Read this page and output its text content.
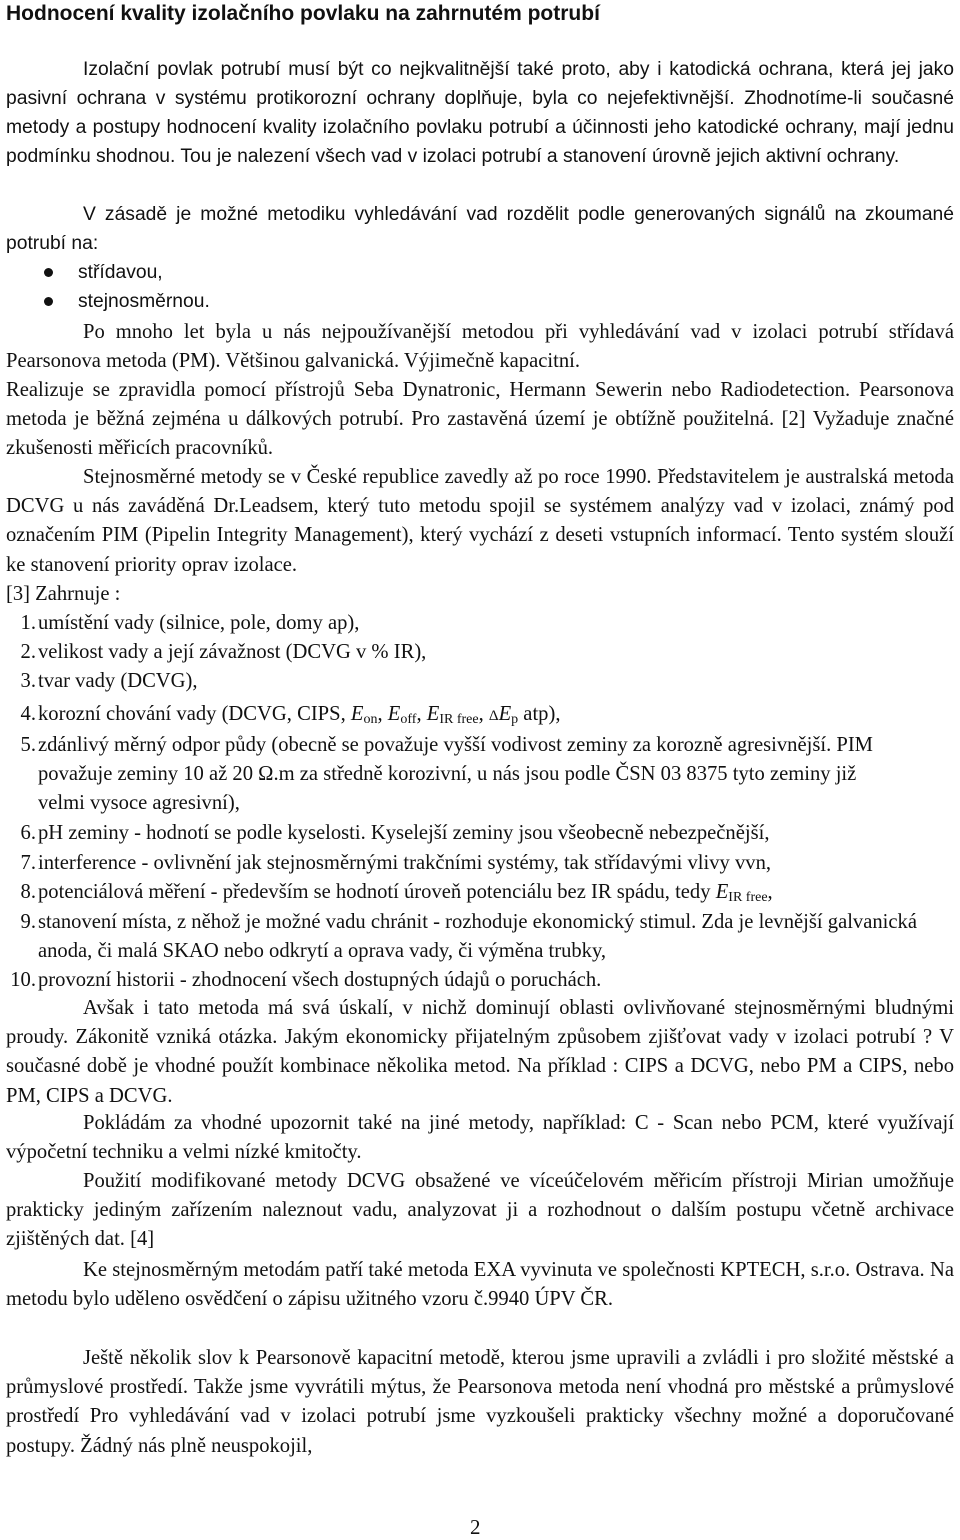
Hodnocení kvality izolačního povlaku na zahrnutém potrubí

Izolační povlak potrubí musí být co nejkvalitnější také proto, aby i katodická ochrana, která jej jako pasivní ochrana v systému protikorozní ochrany doplňuje, byla co nejefektivnější. Zhodnotíme-li současné metody a postupy hodnocení kvality izolačního povlaku potrubí a účinnosti jeho katodické ochrany, mají jednu podmínku shodnou. Tou je nalezení všech vad v izolaci potrubí a stanovení úrovně jejich aktivní ochrany.

V zásadě je možné metodiku vyhledávání vad rozdělit podle generovaných signálů na zkoumané potrubí na:

střídavou,
stejnosměrnou.

Po mnoho let byla u nás nejpoužívanější metodou při vyhledávání vad v izolaci potrubí střídavá Pearsonova metoda (PM). Většinou galvanická. Výjimečně kapacitní.

Realizuje se zpravidla pomocí přístrojů Seba Dynatronic, Hermann Sewerin nebo Radiodetection. Pearsonova metoda je běžná zejména u dálkových potrubí. Pro zastavěná území je obtížně použitelná. [2] Vyžaduje značné zkušenosti měřicích pracovníků.

Stejnosměrné metody se v České republice zavedly až po roce 1990. Představitelem je australská metoda DCVG u nás zaváděná Dr.Leadsem, který tuto metodu spojil se systémem analýzy vad v izolaci, známý pod označením PIM (Pipelin Integrity Management), který vychází z deseti vstupních informací. Tento systém slouží ke stanovení priority oprav izolace.

[3] Zahrnuje :

1. umístění vady (silnice, pole, domy ap),
2. velikost vady a její závažnost (DCVG v % IR),
3. tvar vady (DCVG),
4. korozní chování vady (DCVG, CIPS, $E_{on}$, $E_{off}$, $E_{IR free}$, $\Delta E_p$ atp),
5. zdánlivý měrný odpor půdy (obecně se považuje vyšší vodivost zeminy za korozně agresivnější. PIM považuje zeminy 10 až 20 Ω.m za středně korozivní, u nás jsou podle ČSN 03 8375 tyto zeminy již velmi vysoce agresivní),
6. pH zeminy - hodnotí se podle kyselosti. Kyselejší zeminy jsou všeobecně nebezpečnější,
7. interference - ovlivnění jak stejnosměrnými trakčními systémy, tak střídavými vlivy vvn,
8. potenciálová měření - především se hodnotí úroveň potenciálu bez IR spádu, tedy $E_{IR free}$,
9. stanovení místa, z něhož je možné vadu chránit - rozhoduje ekonomický stimul. Zda je levnější galvanická anoda, či malá SKAO nebo odkrytí a oprava vady, či výměna trubky,
10. provozní historii - zhodnocení všech dostupných údajů o poruchách.

Avšak i tato metoda má svá úskalí, v nichž dominují oblasti ovlivňované stejnosměrnými bludnými proudy. Zákonitě vzniká otázka. Jakým ekonomicky přijatelným způsobem zjišťovat vady v izolaci potrubí ? V současné době je vhodné použít kombinace několika metod. Na příklad : CIPS a DCVG, nebo PM a CIPS, nebo PM, CIPS a DCVG.

Pokládám za vhodné upozornit také na jiné metody, například: C - Scan nebo PCM, které využívají výpočetní techniku a velmi nízké kmitočty.

Použití modifikované metody DCVG obsažené ve víceúčelovém měřicím přístroji Mirian umožňuje prakticky jediným zařízením naleznout vadu, analyzovat ji a rozhodnout o dalším postupu včetně archivace zjištěných dat. [4]

Ke stejnosměrným metodám patří také metoda EXA vyvinuta ve společnosti KPTECH, s.r.o. Ostrava. Na metodu bylo uděleno osvědčení o zápisu užitného vzoru č.9940 ÚPV ČR.

Ještě několik slov k Pearsonově kapacitní metodě, kterou jsme upravili a zvládli i pro složité městské a průmyslové prostředí. Takže jsme vyvrátili mýtus, že Pearsonova metoda není vhodná pro městské a průmyslové prostředí Pro vyhledávání vad v izolaci potrubí jsme vyzkoušeli prakticky všechny možné a doporučované postupy. Žádný nás plně neuspokojil,

2
